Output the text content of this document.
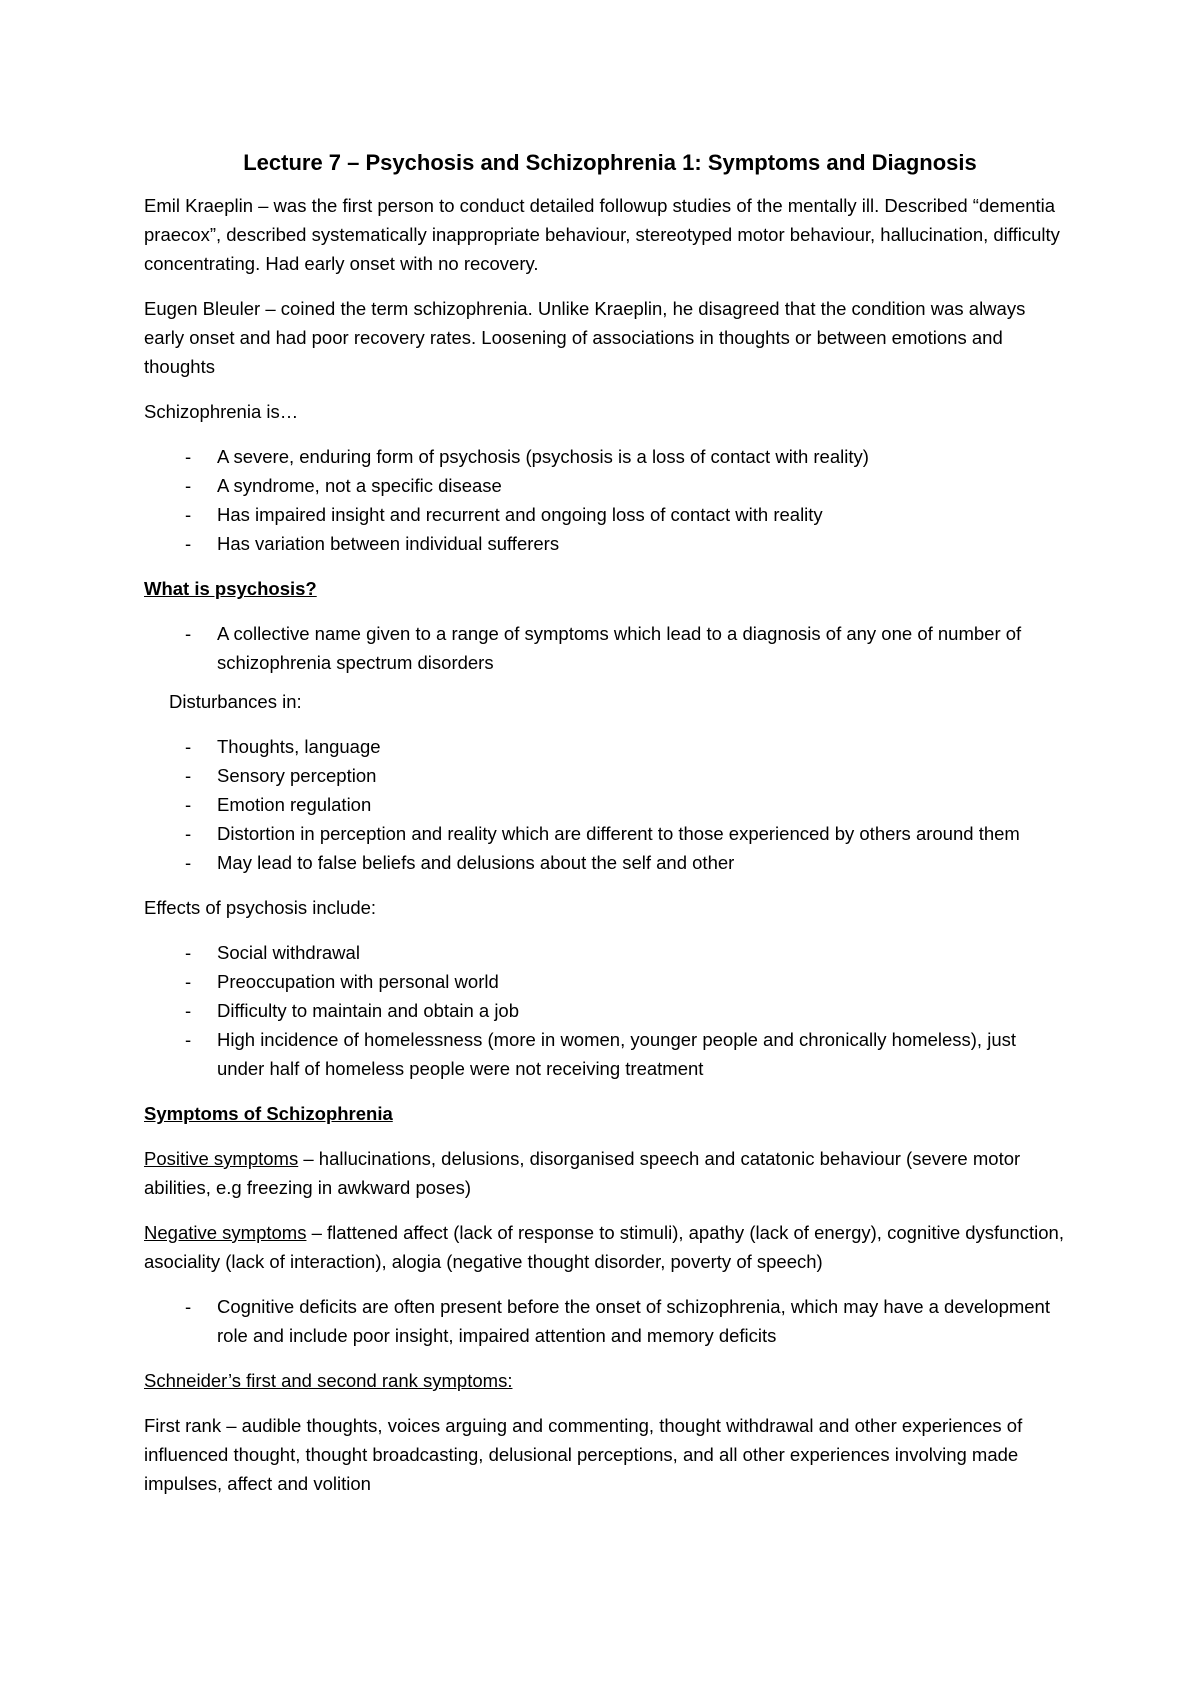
Lecture 7 – Psychosis and Schizophrenia 1: Symptoms and Diagnosis

Emil Kraeplin – was the first person to conduct detailed followup studies of the mentally ill. Described “dementia praecox”, described systematically inappropriate behaviour, stereotyped motor behaviour, hallucination, difficulty concentrating. Had early onset with no recovery.

Eugen Bleuler – coined the term schizophrenia. Unlike Kraeplin, he disagreed that the condition was always early onset and had poor recovery rates. Loosening of associations in thoughts or between emotions and thoughts

Schizophrenia is…

- A severe, enduring form of psychosis (psychosis is a loss of contact with reality)
- A syndrome, not a specific disease
- Has impaired insight and recurrent and ongoing loss of contact with reality
- Has variation between individual sufferers
What is psychosis?
- A collective name given to a range of symptoms which lead to a diagnosis of any one of number of schizophrenia spectrum disorders

Disturbances in:

- Thoughts, language
- Sensory perception
- Emotion regulation
- Distortion in perception and reality which are different to those experienced by others around them
- May lead to false beliefs and delusions about the self and other

Effects of psychosis include:

- Social withdrawal
- Preoccupation with personal world
- Difficulty to maintain and obtain a job
- High incidence of homelessness (more in women, younger people and chronically homeless), just under half of homeless people were not receiving treatment
Symptoms of Schizophrenia

Positive symptoms – hallucinations, delusions, disorganised speech and catatonic behaviour (severe motor abilities, e.g freezing in awkward poses)

Negative symptoms – flattened affect (lack of response to stimuli), apathy (lack of energy), cognitive dysfunction, asociality (lack of interaction), alogia (negative thought disorder, poverty of speech)

- Cognitive deficits are often present before the onset of schizophrenia, which may have a development role and include poor insight, impaired attention and memory deficits

Schneider’s first and second rank symptoms:

First rank – audible thoughts, voices arguing and commenting, thought withdrawal and other experiences of influenced thought, thought broadcasting, delusional perceptions, and all other experiences involving made impulses, affect and volition
